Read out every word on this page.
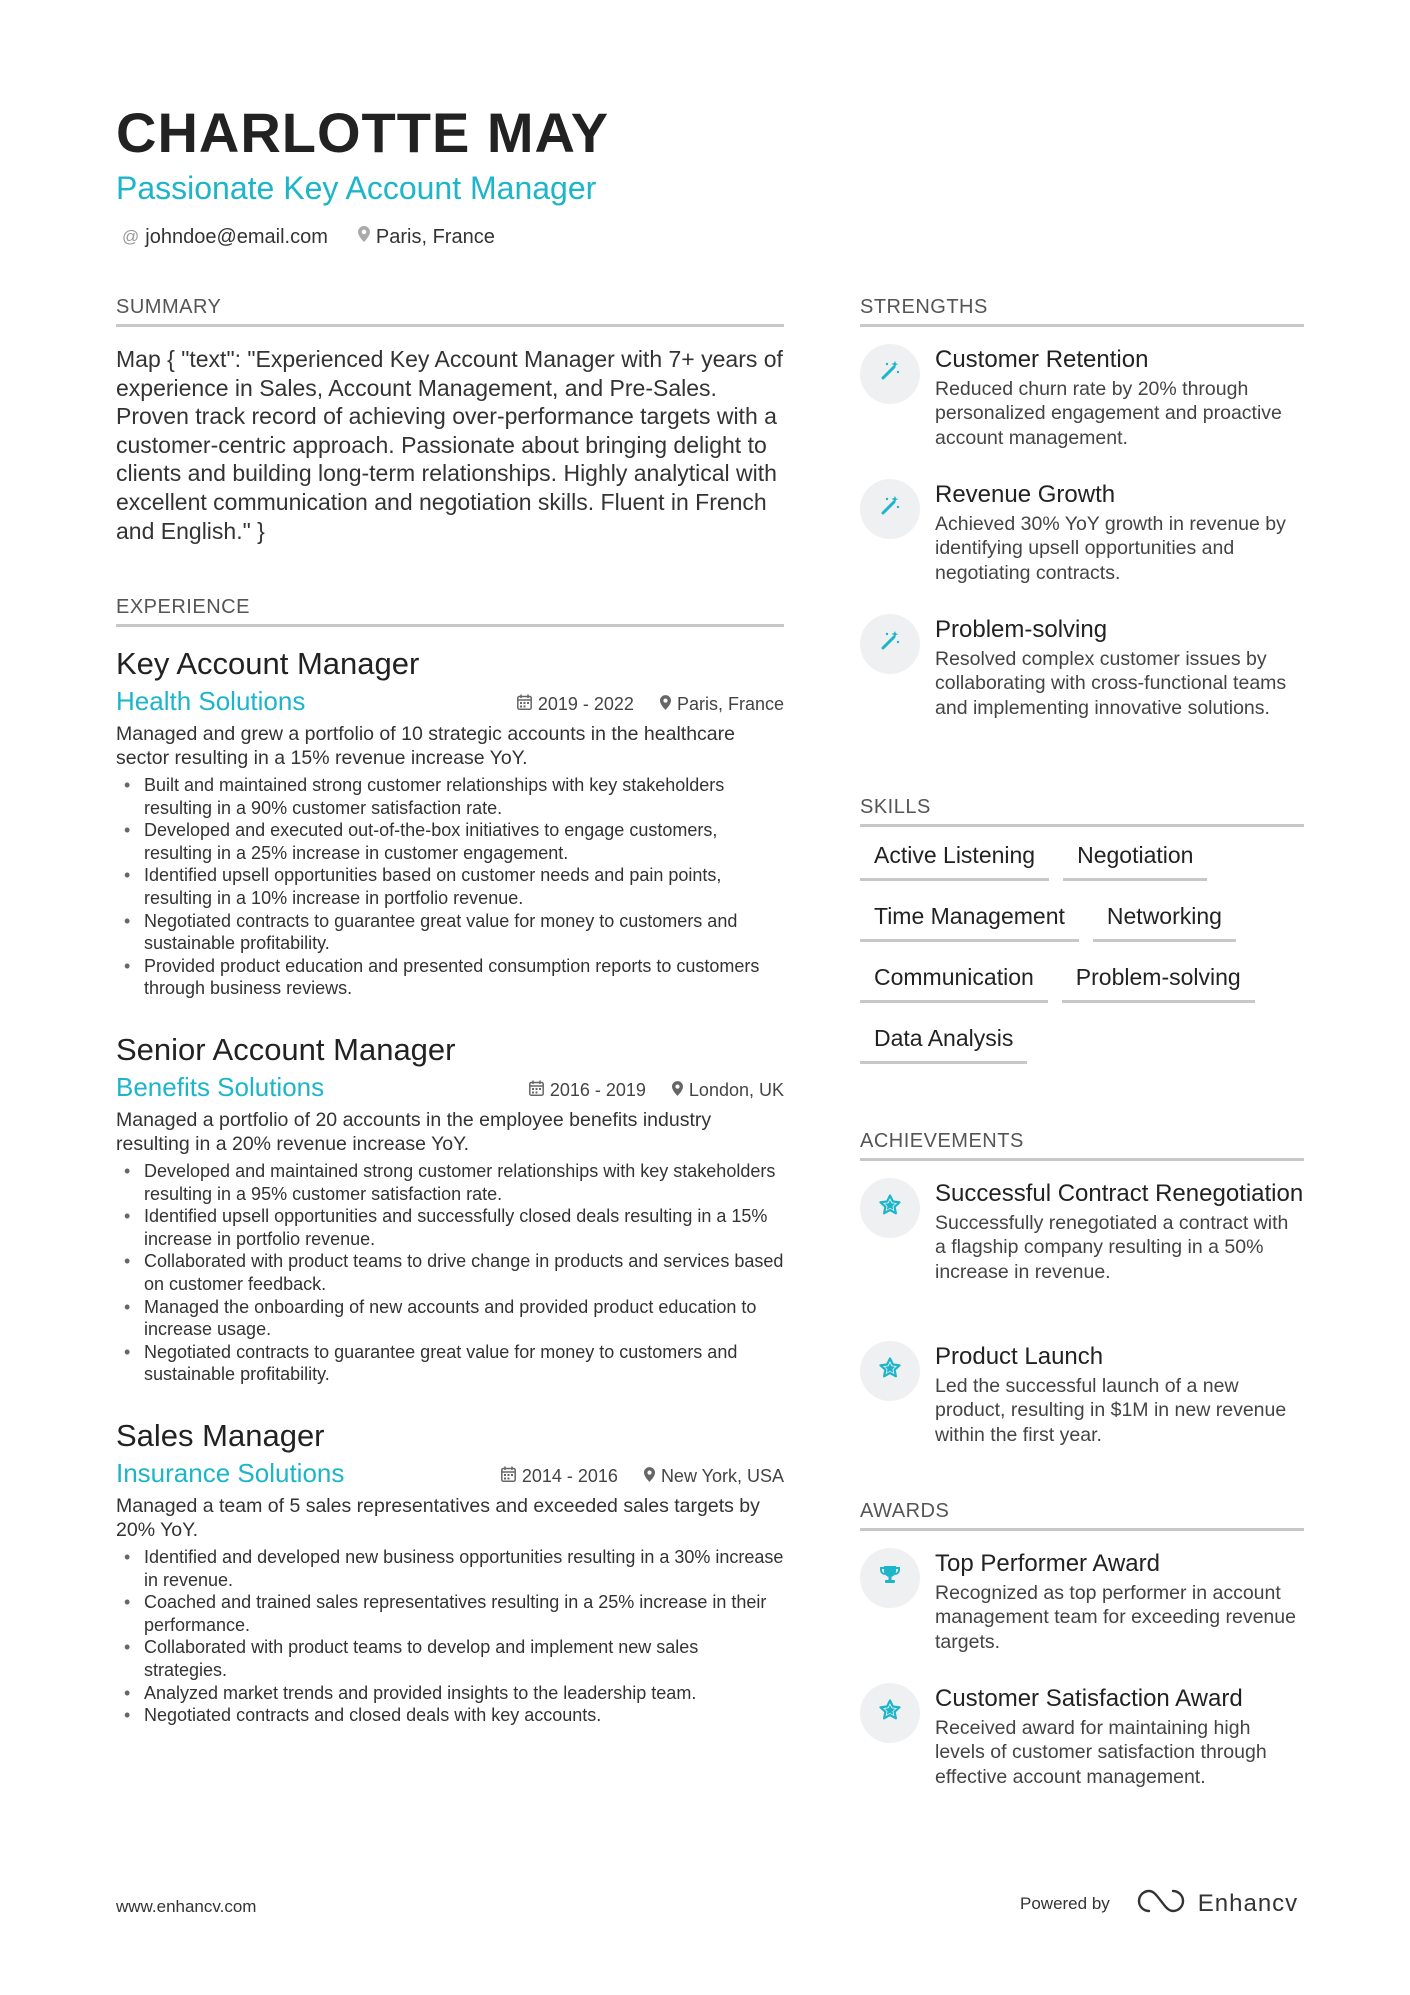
CHARLOTTE MAY
Passionate Key Account Manager
@ johndoe@email.com Paris, France
SUMMARY
Map { "text": "Experienced Key Account Manager with 7+ years of experience in Sales, Account Management, and Pre-Sales. Proven track record of achieving over-performance targets with a customer-centric approach. Passionate about bringing delight to clients and building long-term relationships. Highly analytical with excellent communication and negotiation skills. Fluent in French and English." }
EXPERIENCE
Key Account Manager
Health Solutions	2019 - 2022 Paris, France
Managed and grew a portfolio of 10 strategic accounts in the healthcare sector resulting in a 15% revenue increase YoY.
• Built and maintained strong customer relationships with key stakeholders resulting in a 90% customer satisfaction rate.
• Developed and executed out-of-the-box initiatives to engage customers, resulting in a 25% increase in customer engagement.
• Identified upsell opportunities based on customer needs and pain points, resulting in a 10% increase in portfolio revenue.
• Negotiated contracts to guarantee great value for money to customers and sustainable profitability.
• Provided product education and presented consumption reports to customers through business reviews.
Senior Account Manager
Benefits Solutions	2016 - 2019 London, UK
Managed a portfolio of 20 accounts in the employee benefits industry resulting in a 20% revenue increase YoY.
• Developed and maintained strong customer relationships with key stakeholders resulting in a 95% customer satisfaction rate.
• Identified upsell opportunities and successfully closed deals resulting in a 15% increase in portfolio revenue.
• Collaborated with product teams to drive change in products and services based on customer feedback.
• Managed the onboarding of new accounts and provided product education to increase usage.
• Negotiated contracts to guarantee great value for money to customers and sustainable profitability.
Sales Manager
Insurance Solutions	2014 - 2016 New York, USA
Managed a team of 5 sales representatives and exceeded sales targets by 20% YoY.
• Identified and developed new business opportunities resulting in a 30% increase in revenue.
• Coached and trained sales representatives resulting in a 25% increase in their performance.
• Collaborated with product teams to develop and implement new sales strategies.
• Analyzed market trends and provided insights to the leadership team.
• Negotiated contracts and closed deals with key accounts.
STRENGTHS
Customer Retention
Reduced churn rate by 20% through personalized engagement and proactive account management.
Revenue Growth
Achieved 30% YoY growth in revenue by identifying upsell opportunities and negotiating contracts.
Problem-solving
Resolved complex customer issues by collaborating with cross-functional teams and implementing innovative solutions.
SKILLS
Active Listening	Negotiation
Time Management	Networking
Communication	Problem-solving
Data Analysis
ACHIEVEMENTS
Successful Contract Renegotiation
Successfully renegotiated a contract with a flagship company resulting in a 50% increase in revenue.
Product Launch
Led the successful launch of a new product, resulting in $1M in new revenue within the first year.
AWARDS
Top Performer Award
Recognized as top performer in account management team for exceeding revenue targets.
Customer Satisfaction Award
Received award for maintaining high levels of customer satisfaction through effective account management.
www.enhancv.com	Powered by	Enhancv
